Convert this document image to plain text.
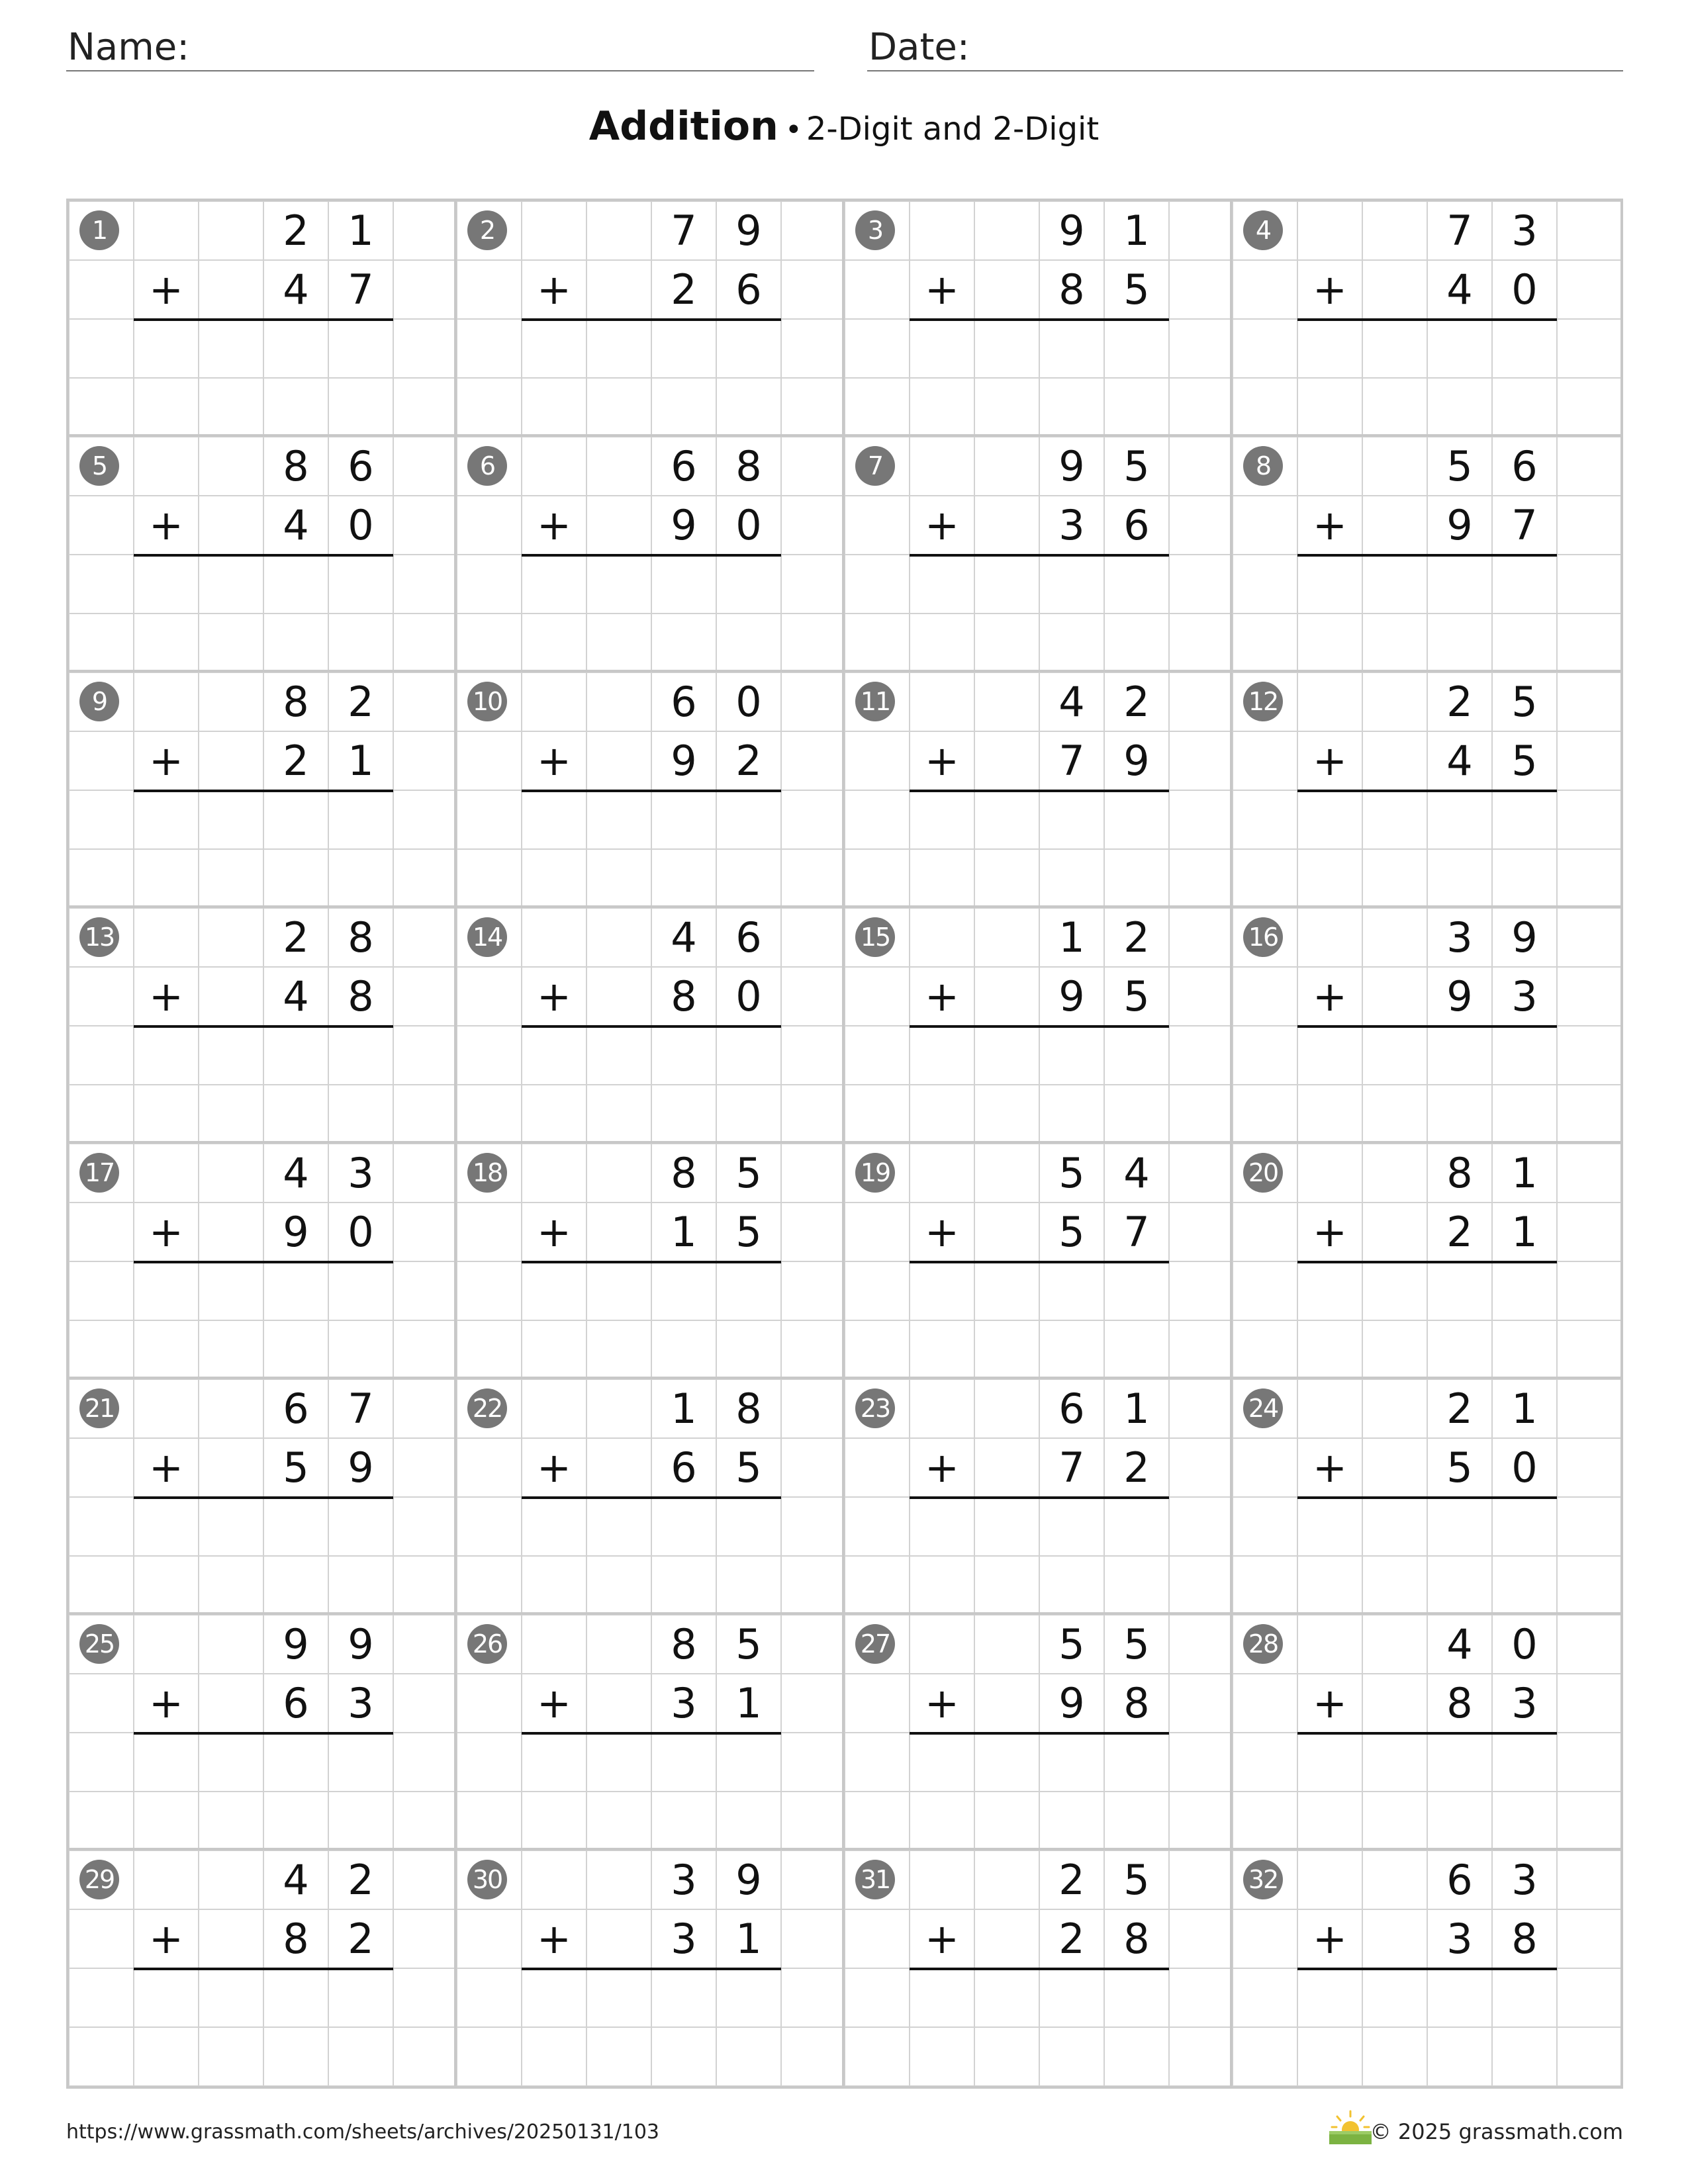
Name:	Date:
Addition • 2-Digit and 2-Digit
1	2 1
+	4 7
2	7 9
+	2 6
3	9 1
+	8 5
4	7 3
+	4 0
5	8 6
+	4 0
6	6 8
+	9 0
7	9 5
+	3 6
8	5 6
+	9 7
9	8 2
+	2 1
10	6 0
+	9 2
11	4 2
+	7 9
12	2 5
+	4 5
13	2 8
+	4 8
14	4 6
+	8 0
15	1 2
+	9 5
16	3 9
+	9 3
17	4 3
+	9 0
18	8 5
+	1 5
19	5 4
+	5 7
20	8 1
+	2 1
21	6 7
+	5 9
22	1 8
+	6 5
23	6 1
+	7 2
24	2 1
+	5 0
25	9 9
+	6 3
26	8 5
+	3 1
27	5 5
+	9 8
28	4 0
+	8 3
29	4 2
+	8 2
30	3 9
+	3 1
31	2 5
+	2 8
32	6 3
+	3 8
https://www.grassmath.com/sheets/archives/20250131/103	© 2025 grassmath.com
